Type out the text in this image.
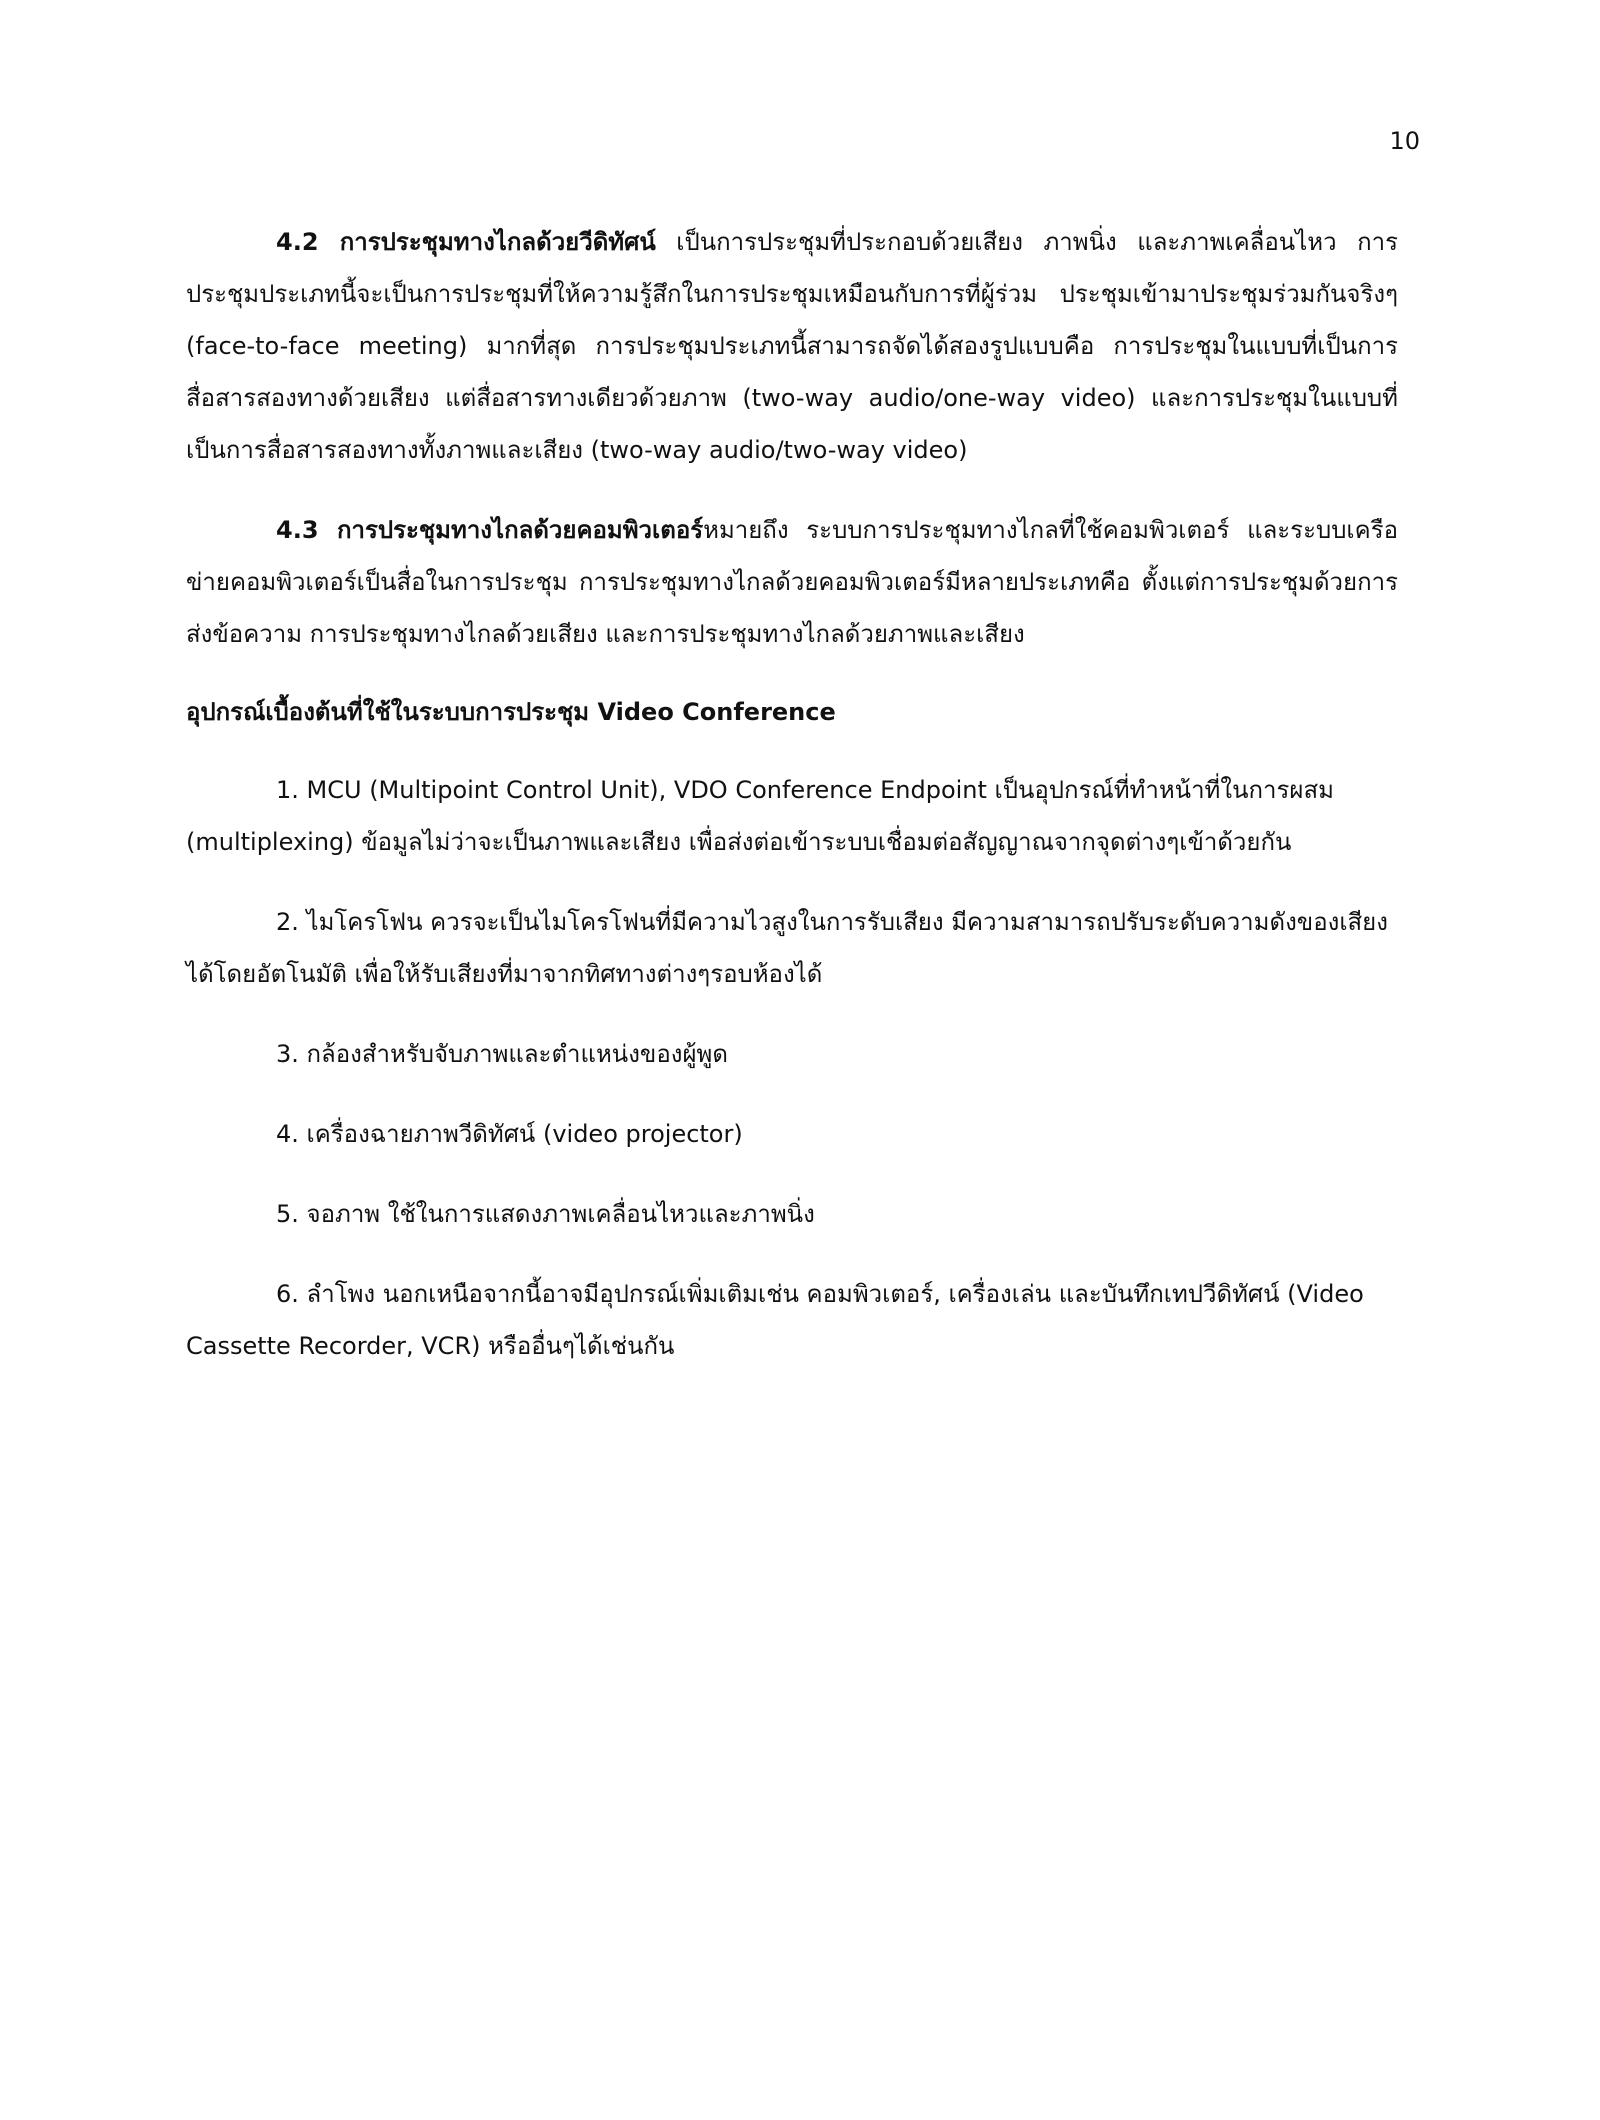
10

4.2 การประชุมทางไกลด้วยวีดิทัศน์ เป็นการประชุมที่ประกอบด้วยเสียง ภาพนิ่ง และภาพเคลื่อนไหว การประชุมประเภทนี้จะเป็นการประชุมที่ให้ความรู้สึกในการประชุมเหมือนกับการที่ผู้ร่วม ประชุมเข้ามาประชุมร่วมกันจริงๆ (face-to-face meeting) มากที่สุด การประชุมประเภทนี้สามารถจัดได้สองรูปแบบคือ การประชุมในแบบที่เป็นการสื่อสารสองทางด้วยเสียง แต่สื่อสารทางเดียวด้วยภาพ (two-way audio/one-way video) และการประชุมในแบบที่เป็นการสื่อสารสองทางทั้งภาพและเสียง (two-way audio/two-way video)

4.3 การประชุมทางไกลด้วยคอมพิวเตอร์หมายถึง ระบบการประชุมทางไกลที่ใช้คอมพิวเตอร์ และระบบเครือข่ายคอมพิวเตอร์เป็นสื่อในการประชุม การประชุมทางไกลด้วยคอมพิวเตอร์มีหลายประเภทคือ ตั้งแต่การประชุมด้วยการส่งข้อความ การประชุมทางไกลด้วยเสียง และการประชุมทางไกลด้วยภาพและเสียง

อุปกรณ์เบื้องต้นที่ใช้ในระบบการประชุม Video Conference

1. MCU (Multipoint Control Unit), VDO Conference Endpoint เป็นอุปกรณ์ที่ทำหน้าที่ในการผสม (multiplexing) ข้อมูลไม่ว่าจะเป็นภาพและเสียง เพื่อส่งต่อเข้าระบบเชื่อมต่อสัญญาณจากจุดต่างๆเข้าด้วยกัน

2. ไมโครโฟน ควรจะเป็นไมโครโฟนที่มีความไวสูงในการรับเสียง มีความสามารถปรับระดับความดังของเสียงได้โดยอัตโนมัติ เพื่อให้รับเสียงที่มาจากทิศทางต่างๆรอบห้องได้

3. กล้องสำหรับจับภาพและตำแหน่งของผู้พูด

4. เครื่องฉายภาพวีดิทัศน์ (video projector)

5. จอภาพ ใช้ในการแสดงภาพเคลื่อนไหวและภาพนิ่ง

6. ลำโพง นอกเหนือจากนี้อาจมีอุปกรณ์เพิ่มเติมเช่น คอมพิวเตอร์, เครื่องเล่น และบันทึกเทปวีดิทัศน์ (Video Cassette Recorder, VCR) หรืออื่นๆได้เช่นกัน
